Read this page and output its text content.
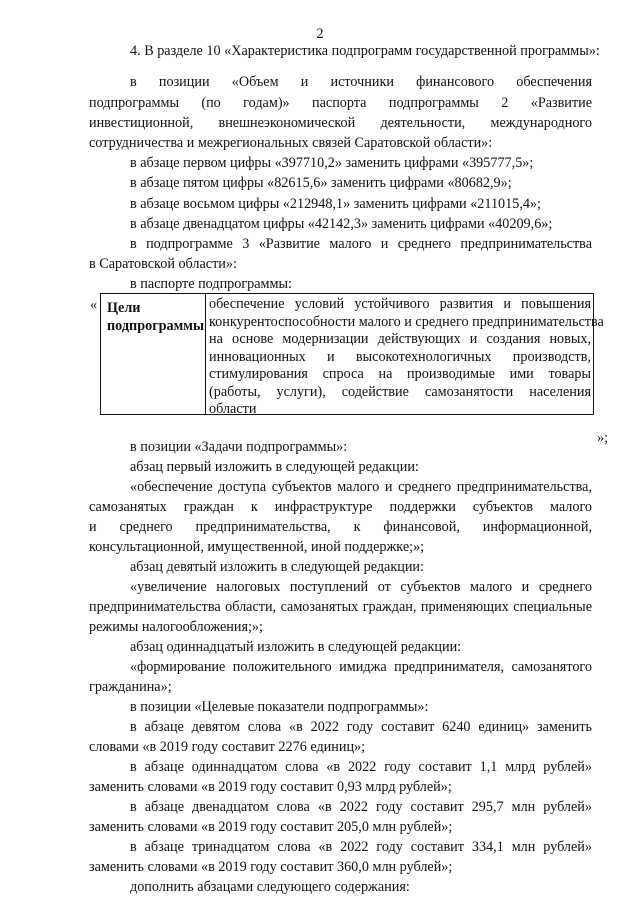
2
4. В разделе 10 «Характеристика подпрограмм государственной программы»:
в позиции «Объем и источники финансового обеспечения
подпрограммы (по годам)» паспорта подпрограммы 2 «Развитие
инвестиционной, внешнеэкономической деятельности, международного
сотрудничества и межрегиональных связей Саратовской области»:
в абзаце первом цифры «397710,2» заменить цифрами «395777,5»;
в абзаце пятом цифры «82615,6» заменить цифрами «80682,9»;
в абзаце восьмом цифры «212948,1» заменить цифрами «211015,4»;
в абзаце двенадцатом цифры «42142,3» заменить цифрами «40209,6»;
в подпрограмме 3 «Развитие малого и среднего предпринимательства
в Саратовской области»:
в паспорте подпрограммы:
« Цели
подпрограммы
обеспечение условий устойчивого развития и повышения
конкурентоспособности малого и среднего предпринимательства
на основе модернизации действующих и создания новых,
инновационных и высокотехнологичных производств,
стимулирования спроса на производимые ими товары
(работы, услуги), содействие самозанятости населения
области
»;
в позиции «Задачи подпрограммы»:
абзац первый изложить в следующей редакции:
«обеспечение доступа субъектов малого и среднего предпринимательства,
самозанятых граждан к инфраструктуре поддержки субъектов малого
и среднего предпринимательства, к финансовой, информационной,
консультационной, имущественной, иной поддержке;»;
абзац девятый изложить в следующей редакции:
«увеличение налоговых поступлений от субъектов малого и среднего
предпринимательства области, самозанятых граждан, применяющих специальные
режимы налогообложения;»;
абзац одиннадцатый изложить в следующей редакции:
«формирование положительного имиджа предпринимателя, самозанятого
гражданина»;
в позиции «Целевые показатели подпрограммы»:
в абзаце девятом слова «в 2022 году составит 6240 единиц» заменить
словами «в 2019 году составит 2276 единиц»;
в абзаце одиннадцатом слова «в 2022 году составит 1,1 млрд рублей»
заменить словами «в 2019 году составит 0,93 млрд рублей»;
в абзаце двенадцатом слова «в 2022 году составит 295,7 млн рублей»
заменить словами «в 2019 году составит 205,0 млн рублей»;
в абзаце тринадцатом слова «в 2022 году составит 334,1 млн рублей»
заменить словами «в 2019 году составит 360,0 млн рублей»;
дополнить абзацами следующего содержания:
